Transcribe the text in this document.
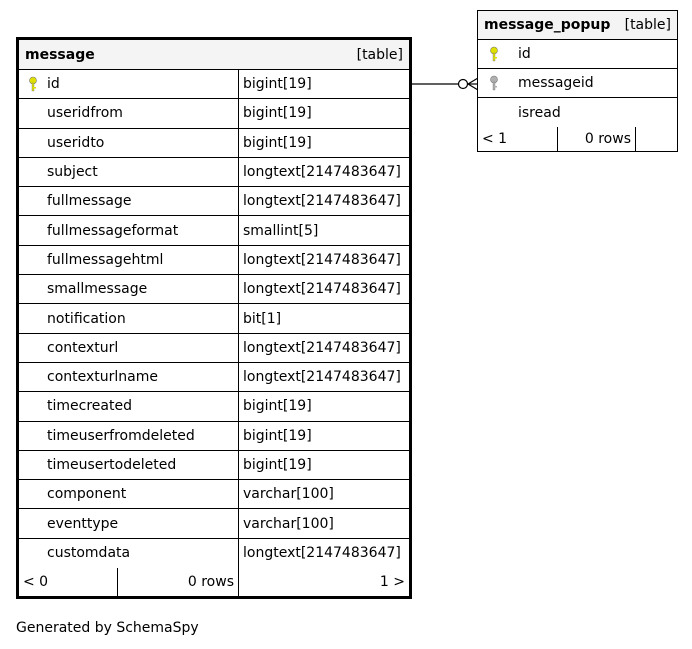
message	[table]
id	bigint[19]
useridfrom	bigint[19]
useridto	bigint[19]
subject	longtext[2147483647]
fullmessage	longtext[2147483647]
fullmessageformat	smallint[5]
fullmessagehtml	longtext[2147483647]
smallmessage	longtext[2147483647]
notification	bit[1]
contexturl	longtext[2147483647]
contexturlname	longtext[2147483647]
timecreated	bigint[19]
timeuserfromdeleted	bigint[19]
timeusertodeleted	bigint[19]
component	varchar[100]
eventtype	varchar[100]
customdata	longtext[2147483647]
< 0	0 rows	1 >
message_popup [table]
id
messageid
isread
< 1	0 rows
Generated by SchemaSpy
